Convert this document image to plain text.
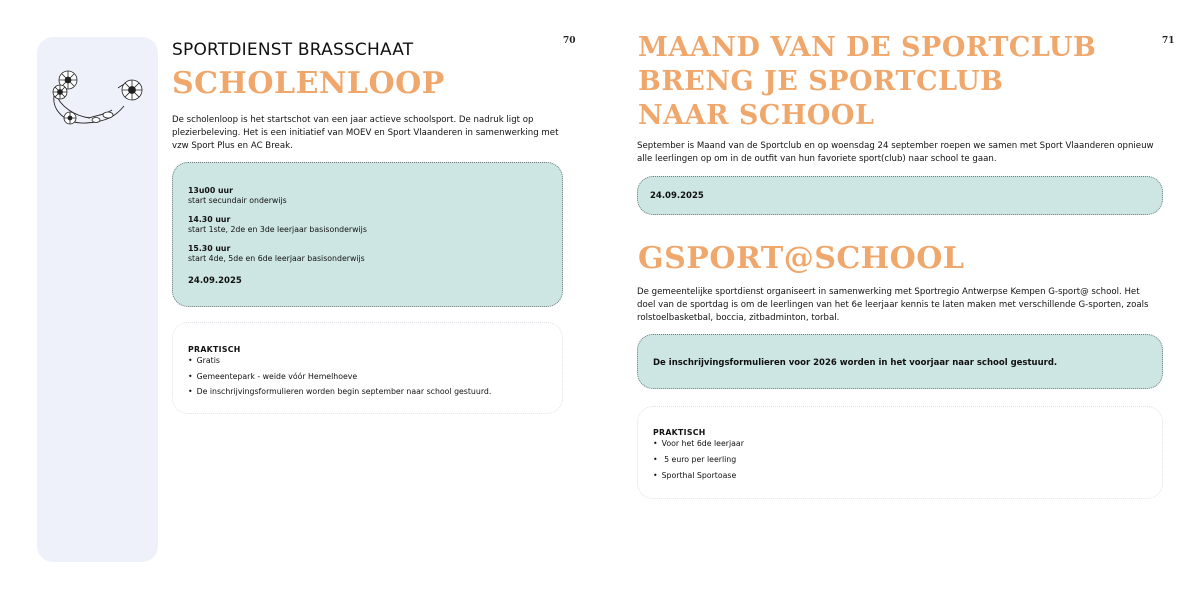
70	71
SPORTDIENST BRASSCHAAT
SCHOLENLOOP
De scholenloop is het startschot van een jaar actieve schoolsport. De nadruk ligt op plezierbeleving. Het is een initiatief van MOEV en Sport Vlaanderen in samenwerking met vzw Sport Plus en AC Break.
13u00 uur
start secundair onderwijs
14.30 uur
start 1ste, 2de en 3de leerjaar basisonderwijs
15.30 uur
start 4de, 5de en 6de leerjaar basisonderwijs
24.09.2025
PRAKTISCH
• Gratis
• Gemeentepark - weide vóór Hemelhoeve
• De inschrijvingsformulieren worden begin september naar school gestuurd.
MAAND VAN DE SPORTCLUB
BRENG JE SPORTCLUB
NAAR SCHOOL
September is Maand van de Sportclub en op woensdag 24 september roepen we samen met Sport Vlaanderen opnieuw alle leerlingen op om in de outfit van hun favoriete sport(club) naar school te gaan.
24.09.2025
GSPORT@SCHOOL
De gemeentelijke sportdienst organiseert in samenwerking met Sportregio Antwerpse Kempen G-sport@ school. Het doel van de sportdag is om de leerlingen van het 6e leerjaar kennis te laten maken met verschillende G-sporten, zoals rolstoelbasketbal, boccia, zitbadminton, torbal.
De inschrijvingsformulieren voor 2026 worden in het voorjaar naar school gestuurd.
PRAKTISCH
• Voor het 6de leerjaar
• 5 euro per leerling
• Sporthal Sportoase
